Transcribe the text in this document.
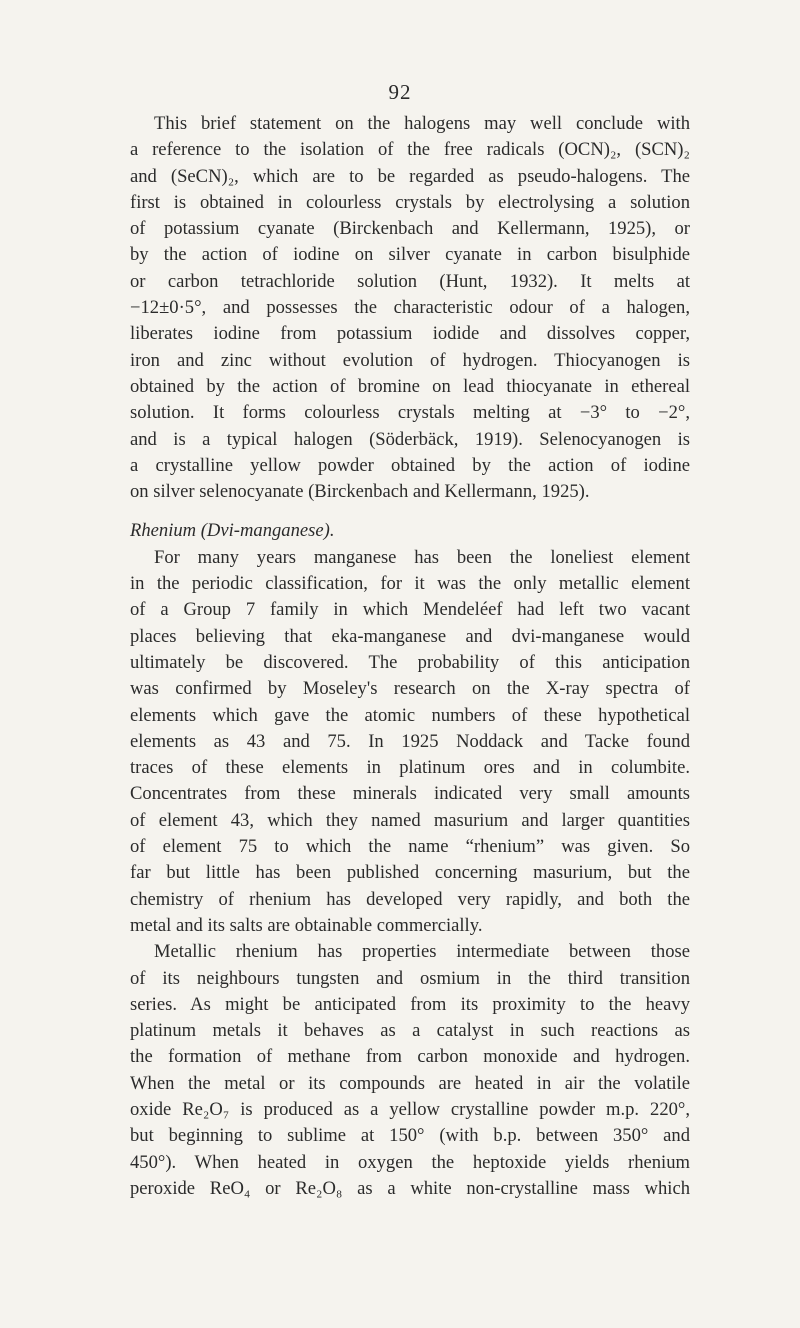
92
This brief statement on the halogens may well conclude with
a reference to the isolation of the free radicals (OCN)₂, (SCN)₂
and (SeCN)₂, which are to be regarded as pseudo-halogens. The
first is obtained in colourless crystals by electrolysing a solution
of potassium cyanate (Birckenbach and Kellermann, 1925), or
by the action of iodine on silver cyanate in carbon bisulphide
or carbon tetrachloride solution (Hunt, 1932). It melts at
−12±0·5°, and possesses the characteristic odour of a halogen,
liberates iodine from potassium iodide and dissolves copper,
iron and zinc without evolution of hydrogen. Thiocyanogen is
obtained by the action of bromine on lead thiocyanate in ethereal
solution. It forms colourless crystals melting at −3° to −2°,
and is a typical halogen (Söderbäck, 1919). Selenocyanogen is
a crystalline yellow powder obtained by the action of iodine
on silver selenocyanate (Birckenbach and Kellermann, 1925).
Rhenium (Dvi-manganese).
For many years manganese has been the loneliest element
in the periodic classification, for it was the only metallic element
of a Group 7 family in which Mendeléef had left two vacant
places believing that eka-manganese and dvi-manganese would
ultimately be discovered. The probability of this anticipation
was confirmed by Moseley's research on the X-ray spectra of
elements which gave the atomic numbers of these hypothetical
elements as 43 and 75. In 1925 Noddack and Tacke found
traces of these elements in platinum ores and in columbite.
Concentrates from these minerals indicated very small amounts
of element 43, which they named masurium and larger quantities
of element 75 to which the name “rhenium” was given. So
far but little has been published concerning masurium, but the
chemistry of rhenium has developed very rapidly, and both the
metal and its salts are obtainable commercially.
Metallic rhenium has properties intermediate between those
of its neighbours tungsten and osmium in the third transition
series. As might be anticipated from its proximity to the heavy
platinum metals it behaves as a catalyst in such reactions as
the formation of methane from carbon monoxide and hydrogen.
When the metal or its compounds are heated in air the volatile
oxide Re₂O₇ is produced as a yellow crystalline powder m.p. 220°,
but beginning to sublime at 150° (with b.p. between 350° and
450°). When heated in oxygen the heptoxide yields rhenium
peroxide ReO₄ or Re₂O₈ as a white non-crystalline mass which
